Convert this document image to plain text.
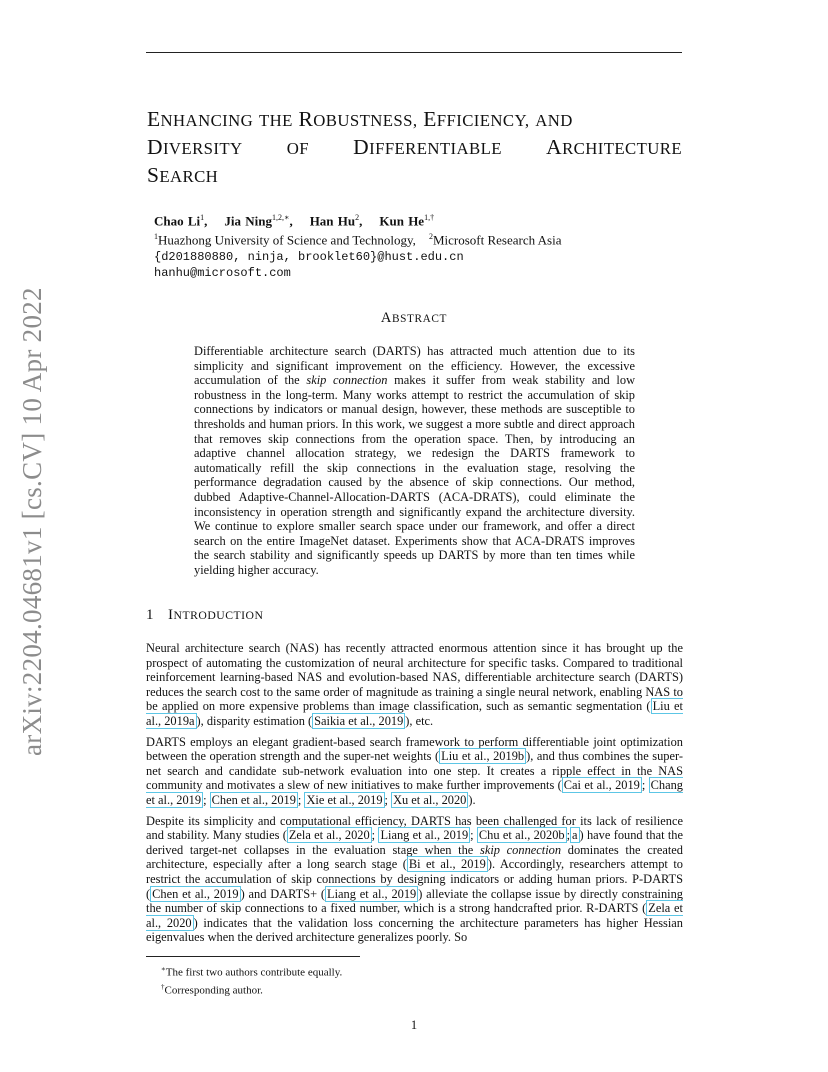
arXiv:2204.04681v1 [cs.CV] 10 Apr 2022
ENHANCING THE ROBUSTNESS, EFFICIENCY, AND
DIVERSITY	OF DIFFERENTIABLE ARCHITECTURE
SEARCH
Chao Li$^1$,    Jia Ning$^{1,2,∗}$,    Han Hu$^2$,    Kun $He^{1,\dagger}$
$^1$Huazhong University of Science and Technology, $^2$Microsoft Research Asia
{d201880880, ninja, brooklet60}@hust.edu.cn
hanhu@microsoft.com
ABSTRACT
Differentiable architecture search (DARTS) has attracted much attention due to its simplicity and significant improvement on the efficiency. However, the excessive accumulation of the skip connection makes it suffer from weak stability and low robustness in the long-term. Many works attempt to restrict the accumulation of skip connections by indicators or manual design, however, these methods are susceptible to thresholds and human priors. In this work, we suggest a more subtle and direct approach that removes skip connections from the operation space. Then, by introducing an adaptive channel allocation strategy, we redesign the DARTS framework to automatically refill the skip connections in the evaluation stage, resolving the performance degradation caused by the absence of skip connections. Our method, dubbed Adaptive-Channel-Allocation-DARTS (ACA-DRATS), could eliminate the inconsistency in operation strength and significantly expand the architecture diversity. We continue to explore smaller search space under our framework, and offer a direct search on the entire ImageNet dataset. Experiments show that ACA-DRATS improves the search stability and significantly speeds up DARTS by more than ten times while yielding higher accuracy.
1 INTRODUCTION

Neural architecture search (NAS) has recently attracted enormous attention since it has brought up the prospect of automating the customization of neural architecture for specific tasks. Compared to traditional reinforcement learning-based NAS and evolution-based NAS, differentiable architecture search (DARTS) reduces the search cost to the same order of magnitude as training a single neural network, enabling NAS to be applied on more expensive problems than image classification, such as semantic segmentation ( Liu et al., 2019a ), disparity estimation ( Saikia et al., 2019 ), etc.

DARTS employs an elegant gradient-based search framework to perform differentiable joint optimization between the operation strength and the super-net weights ( Liu et al., 2019b ), and thus combines the super-net search and candidate sub-network evaluation into one step. It creates a ripple effect in the NAS community and motivates a slew of new initiatives to make further improvements ( Cai et al., 2019 ; Chang et al., 2019 ; Chen et al., 2019 ; Xie et al., 2019 ; Xu et al., 2020 ).

Despite its simplicity and computational efficiency, DARTS has been challenged for its lack of resilience and stability. Many studies ( Zela et al., 2020 ; Liang et al., 2019 ; Chu et al., 2020b ; a ) have found that the derived target-net collapses in the evaluation stage when the skip connection dominates the created architecture, especially after a long search stage ( Bi et al., 2019 ). Accordingly, researchers attempt to restrict the accumulation of skip connections by designing indicators or adding human priors. P-DARTS ( Chen et al., 2019 ) and DARTS+ ( Liang et al., 2019 ) alleviate the collapse issue by directly constraining the number of skip connections to a fixed number, which is a strong handcrafted prior. R-DARTS ( Zela et al., 2020 ) indicates that the validation loss concerning the architecture parameters has higher Hessian eigenvalues when the derived architecture generalizes poorly. So

∗The first two authors contribute equally.
†Corresponding author.
1
